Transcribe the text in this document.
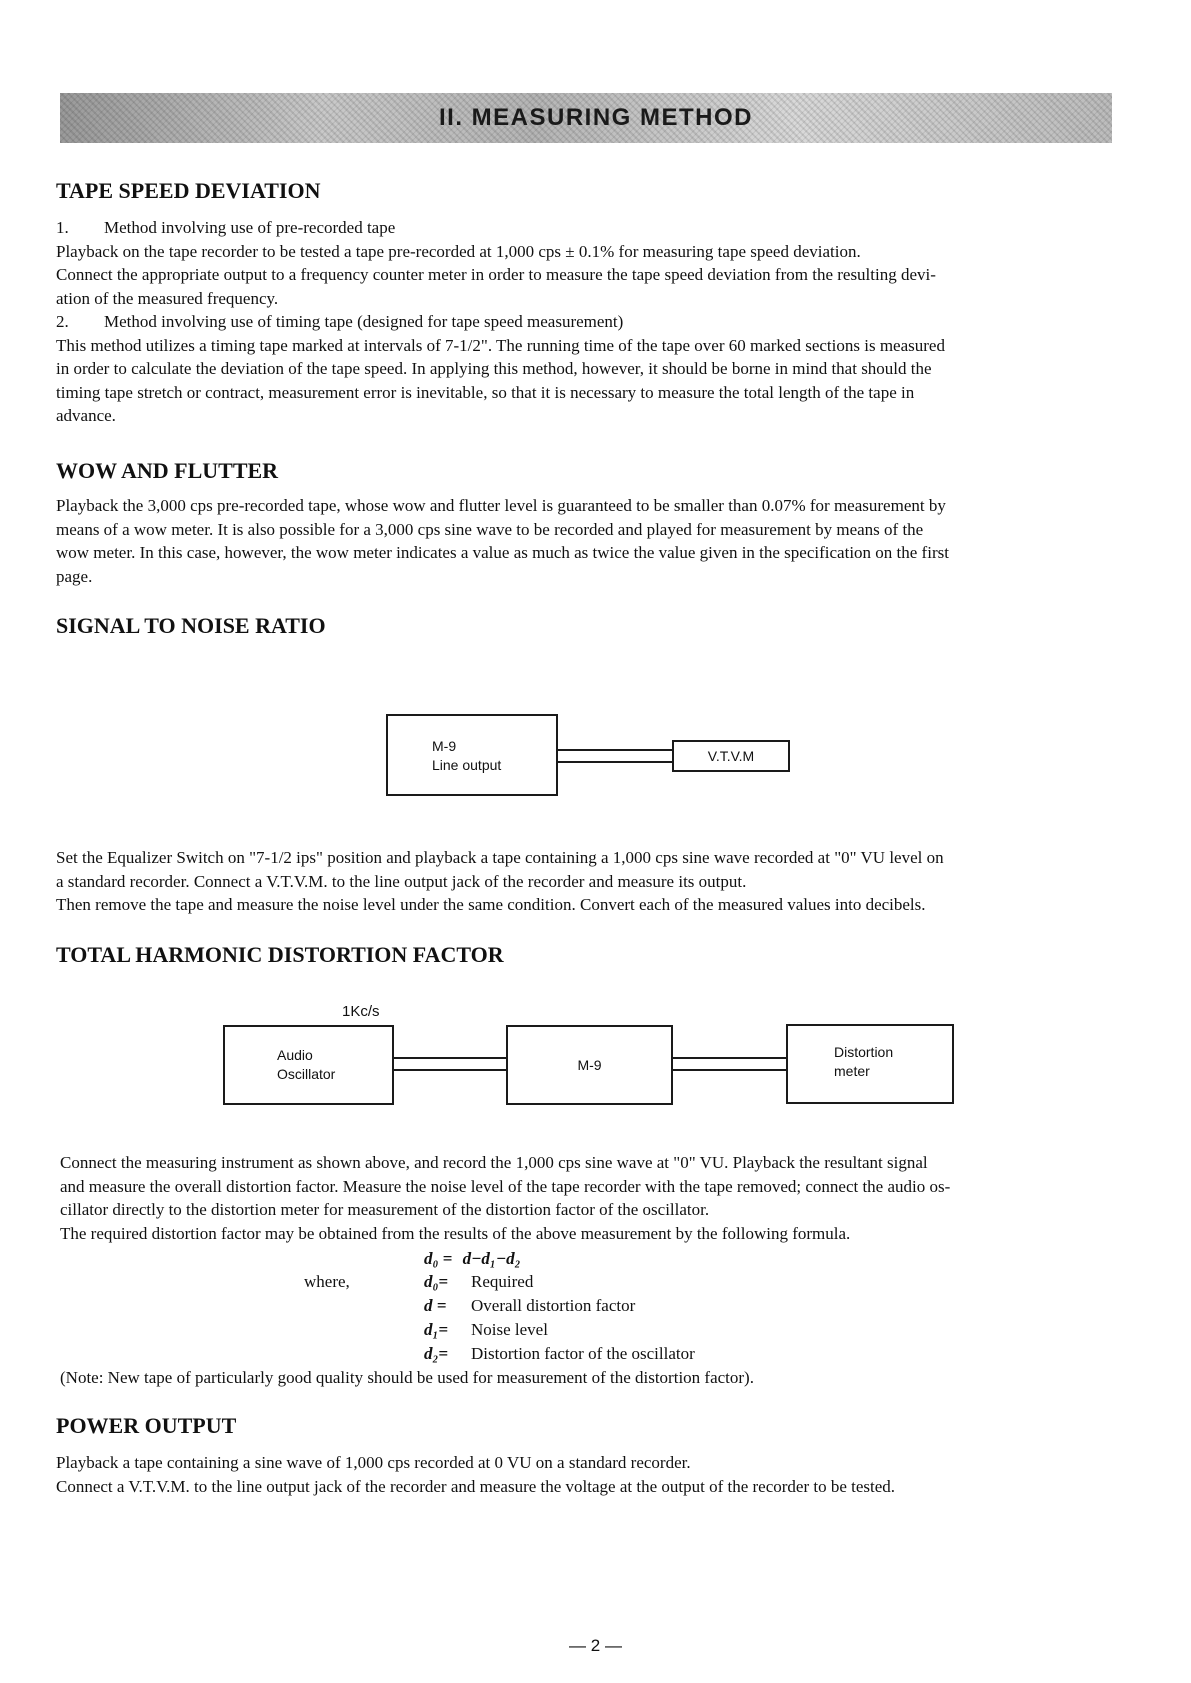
II. MEASURING METHOD
TAPE SPEED DEVIATION
1. Method involving use of pre-recorded tape
Playback on the tape recorder to be tested a tape pre-recorded at 1,000 cps ± 0.1% for measuring tape speed deviation.
Connect the appropriate output to a frequency counter meter in order to measure the tape speed deviation from the resulting devi-
ation of the measured frequency.
2. Method involving use of timing tape (designed for tape speed measurement)
This method utilizes a timing tape marked at intervals of 7-1/2". The running time of the tape over 60 marked sections is measured
in order to calculate the deviation of the tape speed. In applying this method, however, it should be borne in mind that should the
timing tape stretch or contract, measurement error is inevitable, so that it is necessary to measure the total length of the tape in
advance.
WOW AND FLUTTER
Playback the 3,000 cps pre-recorded tape, whose wow and flutter level is guaranteed to be smaller than 0.07% for measurement by
means of a wow meter. It is also possible for a 3,000 cps sine wave to be recorded and played for measurement by means of the
wow meter. In this case, however, the wow meter indicates a value as much as twice the value given in the specification on the first
page.
SIGNAL TO NOISE RATIO
M-9
Line output
V.T.V.M
Set the Equalizer Switch on "7-1/2 ips" position and playback a tape containing a 1,000 cps sine wave recorded at "0" VU level on
a standard recorder. Connect a V.T.V.M. to the line output jack of the recorder and measure its output.
Then remove the tape and measure the noise level under the same condition. Convert each of the measured values into decibels.
TOTAL HARMONIC DISTORTION FACTOR
1Kc/s
Audio
Oscillator
M-9
Distortion
meter
Connect the measuring instrument as shown above, and record the 1,000 cps sine wave at "0" VU. Playback the resultant signal
and measure the overall distortion factor. Measure the noise level of the tape recorder with the tape removed; connect the audio os-
cillator directly to the distortion meter for measurement of the distortion factor of the oscillator.
The required distortion factor may be obtained from the results of the above measurement by the following formula.
d₀ = d−d₁−d₂
where,	d₀= Required
d = Overall distortion factor
d₁= Noise level
d₂= Distortion factor of the oscillator
(Note: New tape of particularly good quality should be used for measurement of the distortion factor).
POWER OUTPUT
Playback a tape containing a sine wave of 1,000 cps recorded at 0 VU on a standard recorder.
Connect a V.T.V.M. to the line output jack of the recorder and measure the voltage at the output of the recorder to be tested.
— 2 —
